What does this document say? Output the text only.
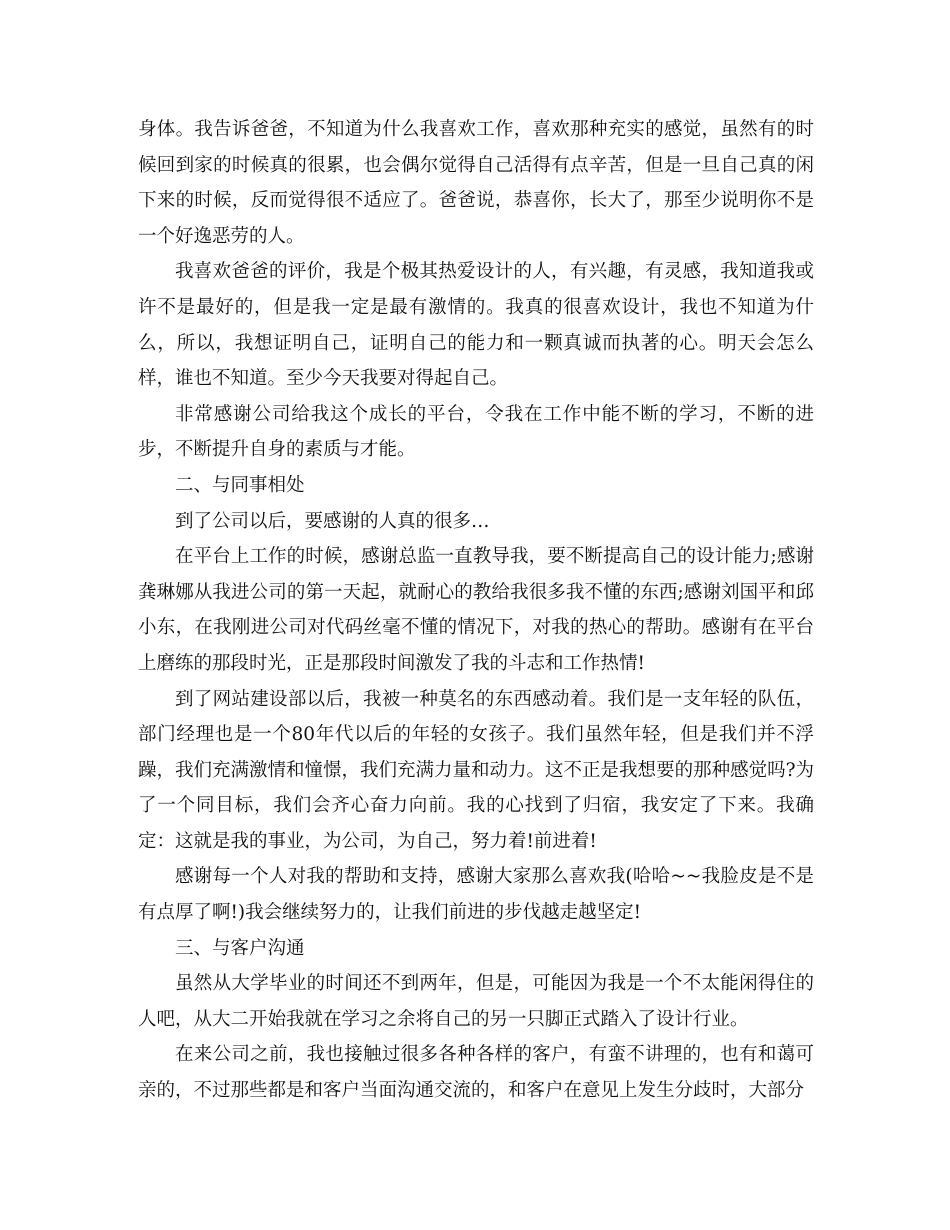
身体。我告诉爸爸，不知道为什么我喜欢工作，喜欢那种充实的感觉，虽然有的时候回到家的时候真的很累，也会偶尔觉得自己活得有点辛苦，但是一旦自己真的闲下来的时候，反而觉得很不适应了。爸爸说，恭喜你，长大了，那至少说明你不是一个好逸恶劳的人。

我喜欢爸爸的评价，我是个极其热爱设计的人，有兴趣，有灵感，我知道我或许不是最好的，但是我一定是最有激情的。我真的很喜欢设计，我也不知道为什么，所以，我想证明自己，证明自己的能力和一颗真诚而执著的心。明天会怎么样，谁也不知道。至少今天我要对得起自己。

非常感谢公司给我这个成长的平台，令我在工作中能不断的学习，不断的进步，不断提升自身的素质与才能。

二、与同事相处

到了公司以后，要感谢的人真的很多…

在平台上工作的时候，感谢总监一直教导我，要不断提高自己的设计能力;感谢龚琳娜从我进公司的第一天起，就耐心的教给我很多我不懂的东西;感谢刘国平和邱小东，在我刚进公司对代码丝毫不懂的情况下，对我的热心的帮助。感谢有在平台上磨练的那段时光，正是那段时间激发了我的斗志和工作热情!

到了网站建设部以后，我被一种莫名的东西感动着。我们是一支年轻的队伍，部门经理也是一个80年代以后的年轻的女孩子。我们虽然年轻，但是我们并不浮躁，我们充满激情和憧憬，我们充满力量和动力。这不正是我想要的那种感觉吗?为了一个同目标，我们会齐心奋力向前。我的心找到了归宿，我安定了下来。我确定：这就是我的事业，为公司，为自己，努力着!前进着!

感谢每一个人对我的帮助和支持，感谢大家那么喜欢我(哈哈~~我脸皮是不是有点厚了啊!)我会继续努力的，让我们前进的步伐越走越坚定!

三、与客户沟通

虽然从大学毕业的时间还不到两年，但是，可能因为我是一个不太能闲得住的人吧，从大二开始我就在学习之余将自己的另一只脚正式踏入了设计行业。

在来公司之前，我也接触过很多各种各样的客户，有蛮不讲理的，也有和蔼可亲的，不过那些都是和客户当面沟通交流的，和客户在意见上发生分歧时，大部分
